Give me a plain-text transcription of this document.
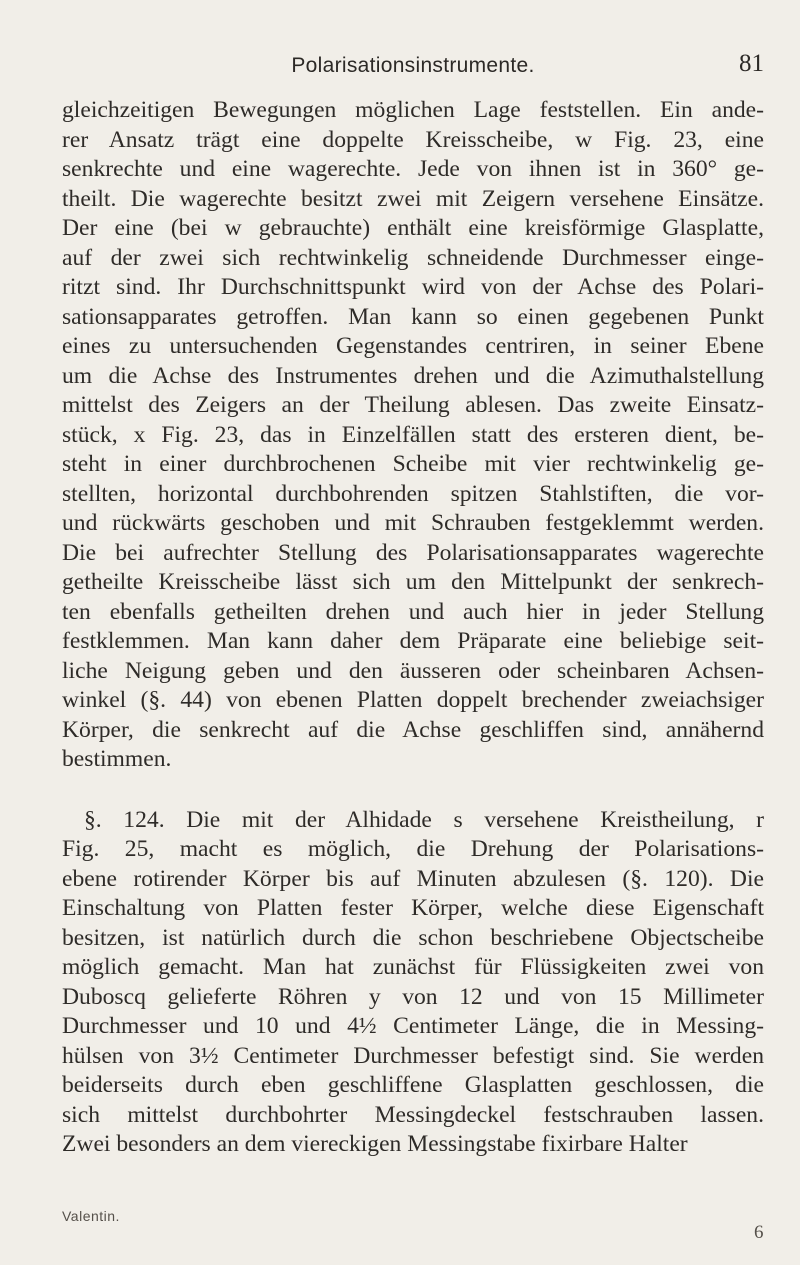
Polarisationsinstrumente.	81
gleichzeitigen Bewegungen möglichen Lage feststellen. Ein ande-
rer Ansatz trägt eine doppelte Kreisscheibe, w Fig. 23, eine
senkrechte und eine wagerechte. Jede von ihnen ist in 360° ge-
theilt. Die wagerechte besitzt zwei mit Zeigern versehene Einsätze.
Der eine (bei w gebrauchte) enthält eine kreisförmige Glasplatte,
auf der zwei sich rechtwinkelig schneidende Durchmesser einge-
ritzt sind. Ihr Durchschnittspunkt wird von der Achse des Polari-
sationsapparates getroffen. Man kann so einen gegebenen Punkt
eines zu untersuchenden Gegenstandes centriren, in seiner Ebene
um die Achse des Instrumentes drehen und die Azimuthalstellung
mittelst des Zeigers an der Theilung ablesen. Das zweite Einsatz-
stück, x Fig. 23, das in Einzelfällen statt des ersteren dient, be-
steht in einer durchbrochenen Scheibe mit vier rechtwinkelig ge-
stellten, horizontal durchbohrenden spitzen Stahlstiften, die vor-
und rückwärts geschoben und mit Schrauben festgeklemmt werden.
Die bei aufrechter Stellung des Polarisationsapparates wagerechte
getheilte Kreisscheibe lässt sich um den Mittelpunkt der senkrech-
ten ebenfalls getheilten drehen und auch hier in jeder Stellung
festklemmen. Man kann daher dem Präparate eine beliebige seit-
liche Neigung geben und den äusseren oder scheinbaren Achsen-
winkel (§. 44) von ebenen Platten doppelt brechender zweiachsiger
Körper, die senkrecht auf die Achse geschliffen sind, annähernd
bestimmen.
§. 124. Die mit der Alhidade s versehene Kreistheilung, r
Fig. 25, macht es möglich, die Drehung der Polarisations-
ebene rotirender Körper bis auf Minuten abzulesen (§. 120). Die
Einschaltung von Platten fester Körper, welche diese Eigenschaft
besitzen, ist natürlich durch die schon beschriebene Objectscheibe
möglich gemacht. Man hat zunächst für Flüssigkeiten zwei von
Duboscq gelieferte Röhren y von 12 und von 15 Millimeter
Durchmesser und 10 und 4½ Centimeter Länge, die in Messing-
hülsen von 3½ Centimeter Durchmesser befestigt sind. Sie werden
beiderseits durch eben geschliffene Glasplatten geschlossen, die
sich mittelst durchbohrter Messingdeckel festschrauben lassen.
Zwei besonders an dem viereckigen Messingstabe fixirbare Halter
Valentin.
6
